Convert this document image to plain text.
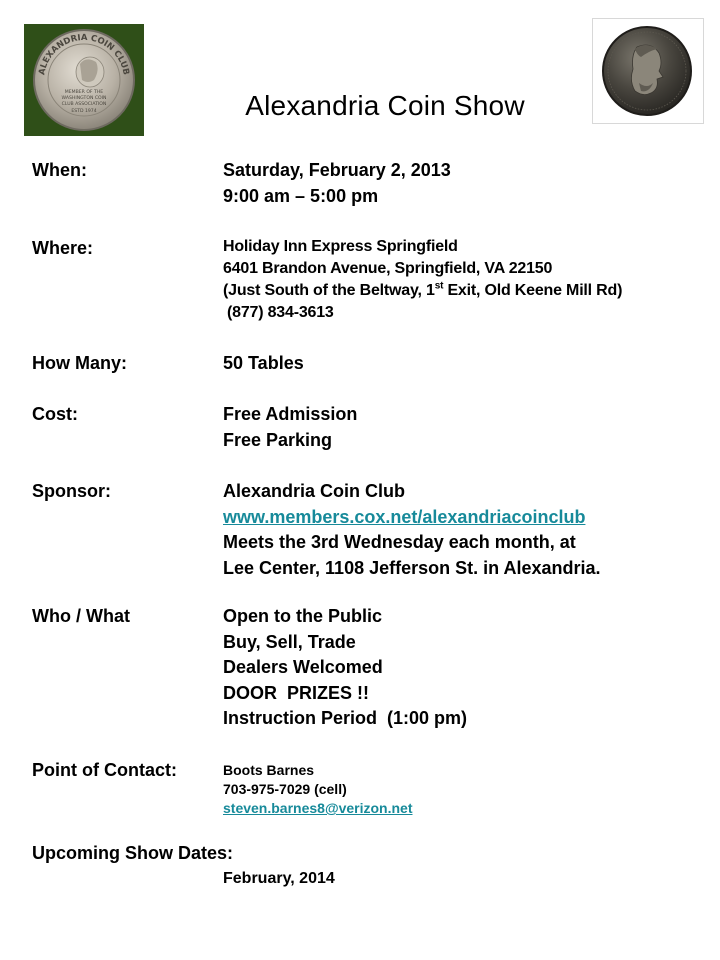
ALEXANDRIA COIN CLUB
MEMBER OF THE
WASHINGTON COIN
CLUB ASSOCIATION
ESTD 1974	Alexandria Coin Show
When:	Saturday, February 2, 2013
9:00 am – 5:00 pm
Where:	Holiday Inn Express Springfield
6401 Brandon Avenue, Springfield, VA 22150
(Just South of the Beltway, 1st Exit, Old Keene Mill Rd)
(877) 834-3613
How Many:	50 Tables
Cost:	Free Admission
Free Parking
Sponsor:	Alexandria Coin Club
www.members.cox.net/alexandriacoinclub
Meets the 3rd Wednesday each month, at
Lee Center, 1108 Jefferson St. in Alexandria.
Who / What	Open to the Public
Buy, Sell, Trade
Dealers Welcomed
DOOR  PRIZES !!
Instruction Period  (1:00 pm)
Point of Contact:	Boots Barnes
703-975-7029 (cell)
steven.barnes8@verizon.net
Upcoming Show Dates:
February, 2014
